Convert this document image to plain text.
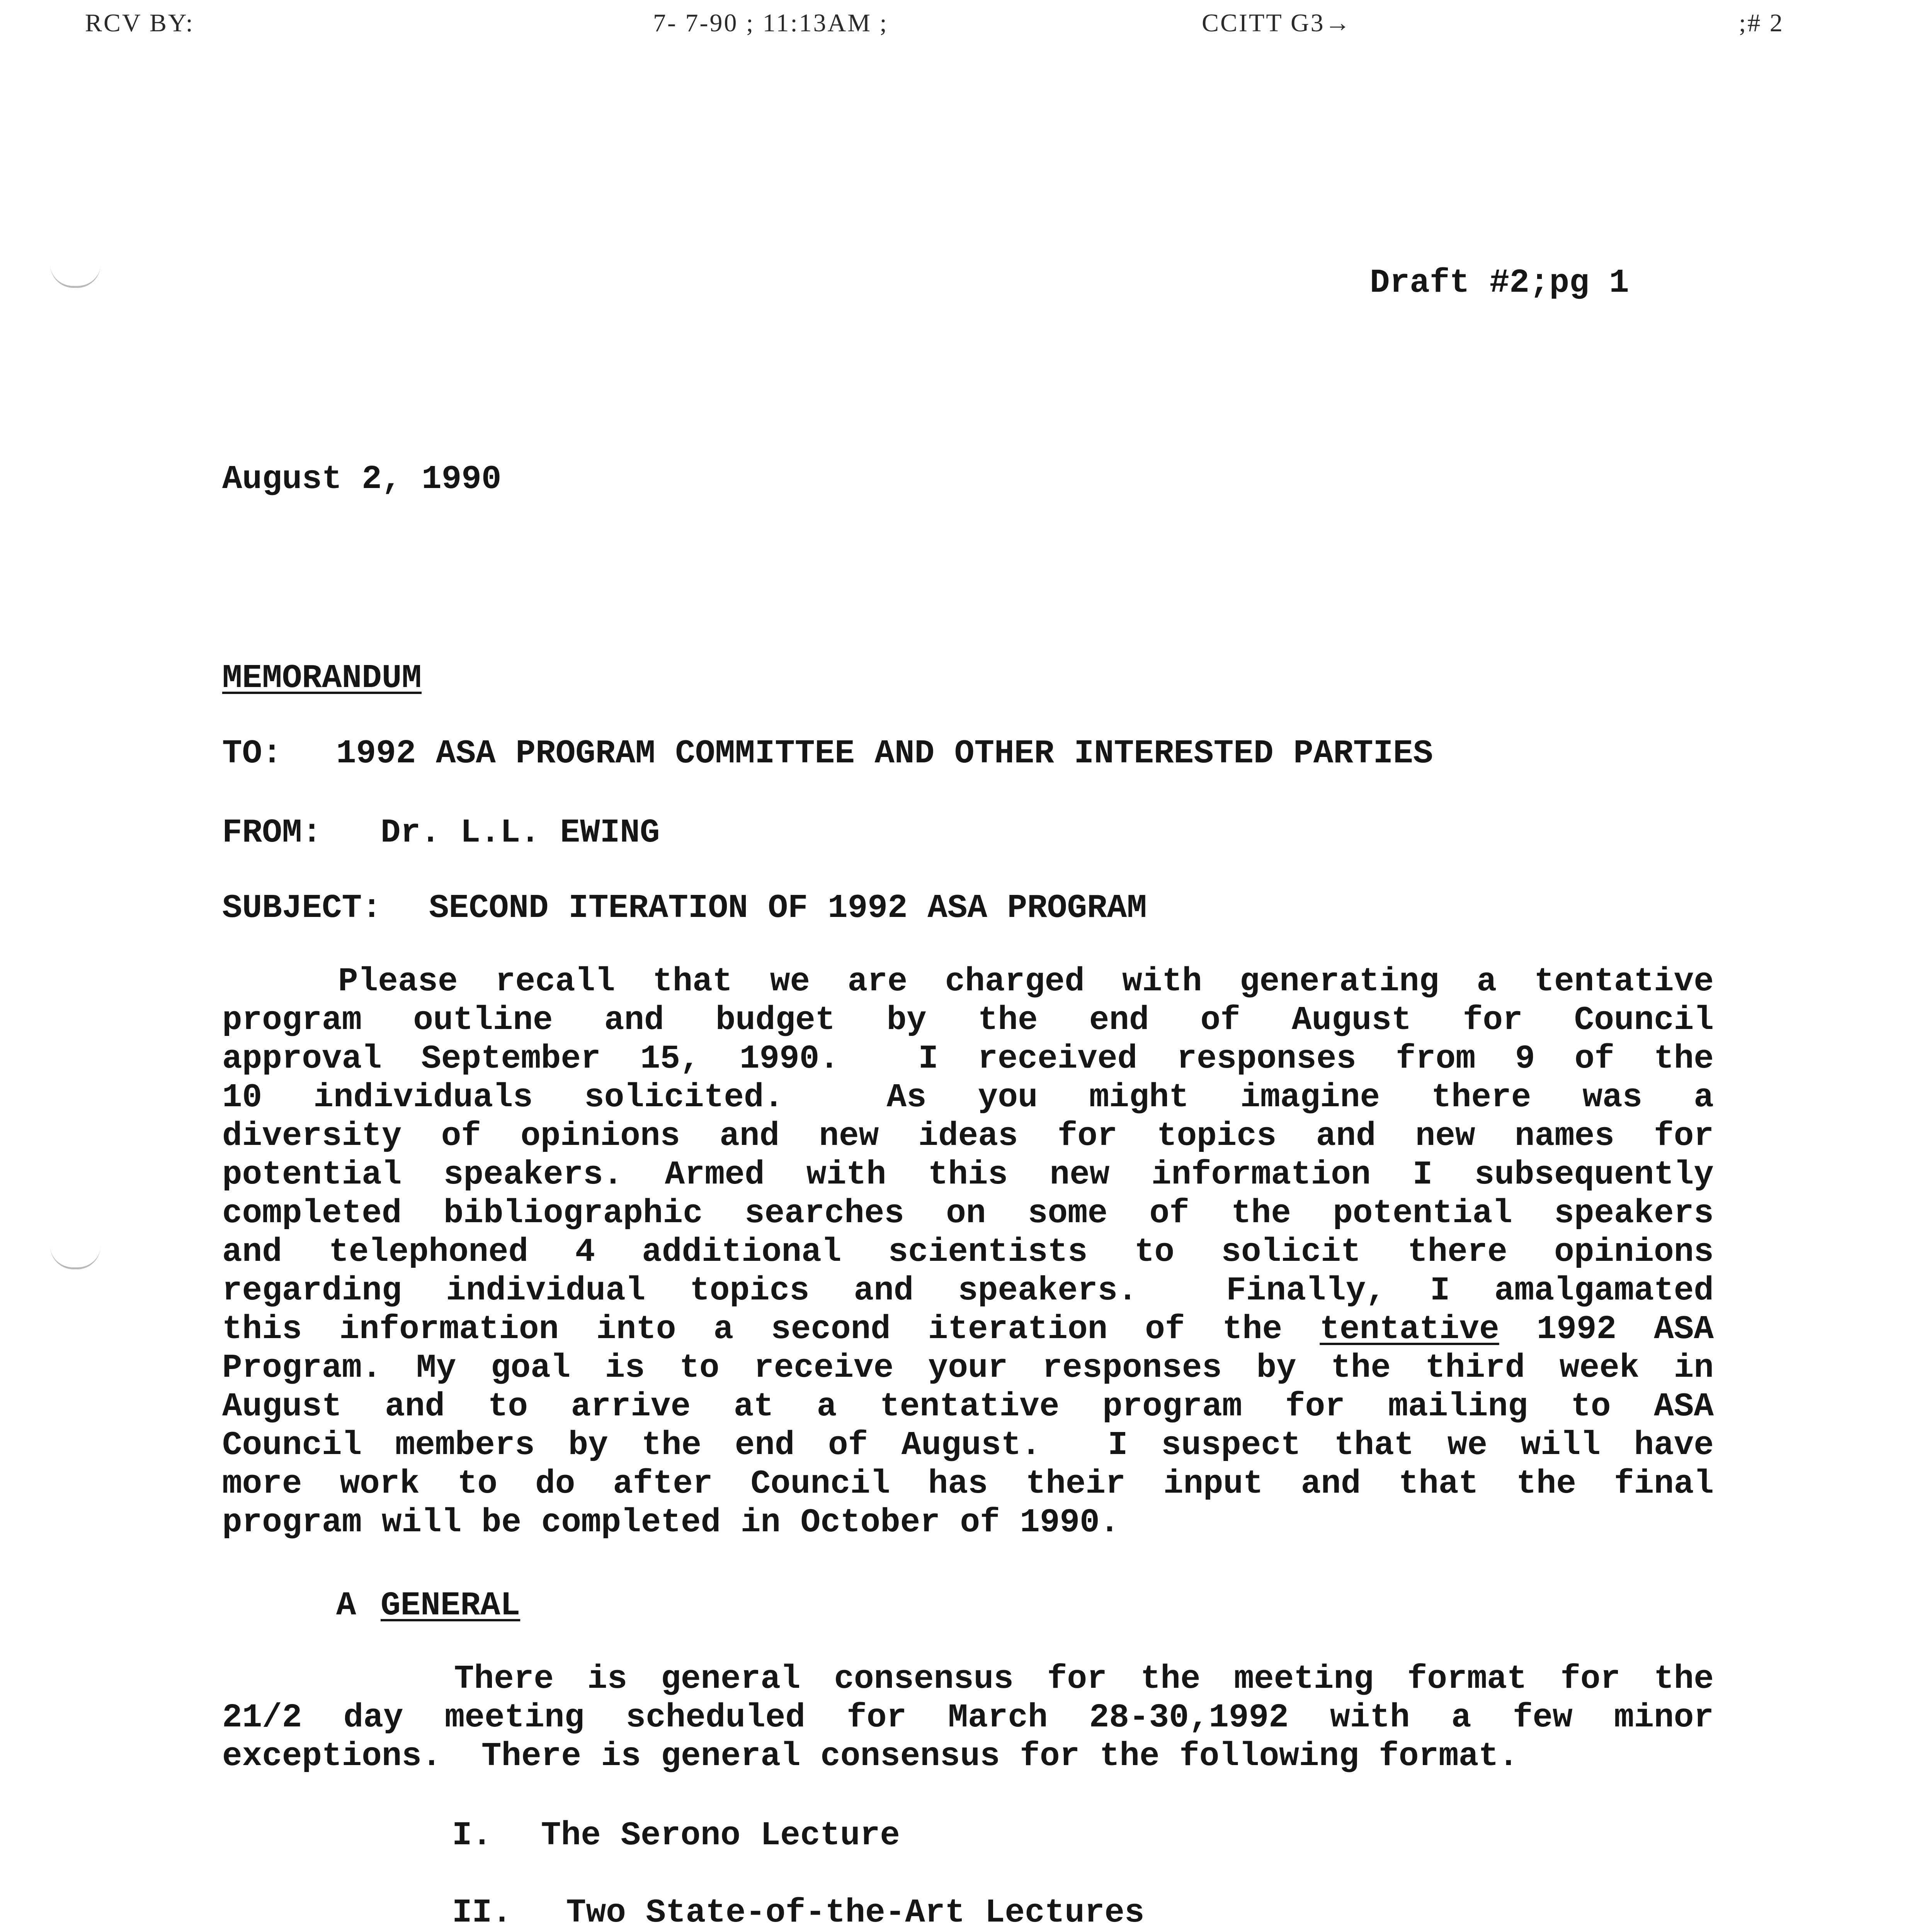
RCV BY:	7- 7-90 ; 11:13AM ;	CCITT G3→	;# 2
Draft #2;pg 1
August 2, 1990
MEMORANDUM
TO: 1992 ASA PROGRAM COMMITTEE AND OTHER INTERESTED PARTIES
FROM: Dr. L.L. EWING
SUBJECT: SECOND ITERATION OF 1992 ASA PROGRAM
Please recall that we are charged with generating a tentative
program outline and budget by the end of August for Council
approval September 15, 1990.  I received responses from 9 of the
10 individuals solicited.  As you might imagine there was a
diversity of opinions and new ideas for topics and new names for
potential speakers. Armed with this new information I subsequently
completed bibliographic searches on some of the potential speakers
and telephoned 4 additional scientists to solicit there opinions
regarding individual topics and speakers.  Finally, I amalgamated
this information into a second iteration of the tentative 1992 ASA
Program. My goal is to receive your responses by the third week in
August and to arrive at a tentative program for mailing to ASA
Council members by the end of August.  I suspect that we will have
more work to do after Council has their input and that the final
program will be completed in October of 1990.
A GENERAL
There is general consensus for the meeting format for the
21/2 day meeting scheduled for March 28-30,1992 with a few minor
exceptions.  There is general consensus for the following format.
I. The Serono Lecture
II. Two State-of-the-Art Lectures
